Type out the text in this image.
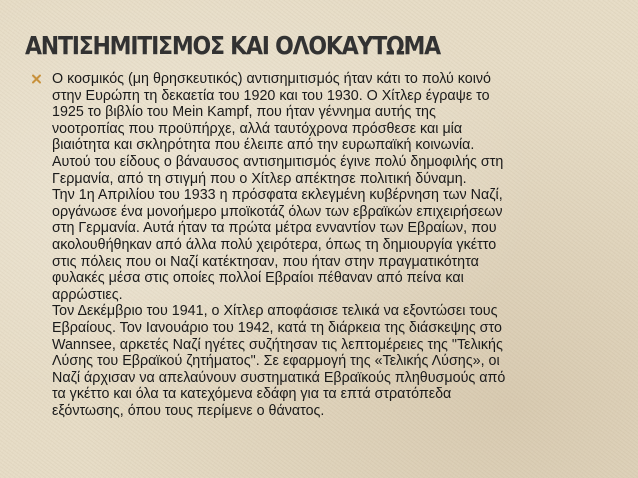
ΑΝΤΙΣΗΜΙΤΙΣΜΟΣ ΚΑΙ ΟΛΟΚΑΥΤΩΜΑ

Ο κοσμικός (μη θρησκευτικός) αντισημιτισμός ήταν κάτι το πολύ κοινό
στην Ευρώπη τη δεκαετία του 1920 και του 1930. Ο Χίτλερ έγραψε το
1925 το βιβλίο του Mein Kampf, που ήταν γέννημα αυτής της
νοοτροπίας που προϋπήρχε, αλλά ταυτόχρονα πρόσθεσε και μία
βιαιότητα και σκληρότητα που έλειπε από την ευρωπαϊκή κοινωνία.
Αυτού του είδους ο βάναυσος αντισημιτισμός έγινε πολύ δημοφιλής στη
Γερμανία, από τη στιγμή που ο Χίτλερ απέκτησε πολιτική δύναμη.
Την 1η Απριλίου του 1933 η πρόσφατα εκλεγμένη κυβέρνηση των Ναζί,
οργάνωσε ένα μονοήμερο μποϊκοτάζ όλων των εβραϊκών επιχειρήσεων
στη Γερμανία. Αυτά ήταν τα πρώτα μέτρα ενναντίον των Εβραίων, που
ακολουθήθηκαν από άλλα πολύ χειρότερα, όπως τη δημιουργία γκέττο
στις πόλεις που οι Ναζί κατέκτησαν, που ήταν στην πραγματικότητα
φυλακές μέσα στις οποίες πολλοί Εβραίοι πέθαναν από πείνα και
αρρώστιες.
Τον Δεκέμβριο του 1941, ο Χίτλερ αποφάσισε τελικά να εξοντώσει τους
Εβραίους. Τον Ιανουάριο του 1942, κατά τη διάρκεια της διάσκεψης στο
Wannsee, αρκετές Ναζί ηγέτες συζήτησαν τις λεπτομέρειες της "Τελικής
Λύσης του Εβραϊκού ζητήματος". Σε εφαρμογή της «Τελικής Λύσης», οι
Ναζί άρχισαν να απελαύνουν συστηματικά Εβραϊκούς πληθυσμούς από
τα γκέττο και όλα τα κατεχόμενα εδάφη για τα επτά στρατόπεδα
εξόντωσης, όπου τους περίμενε ο θάνατος.
